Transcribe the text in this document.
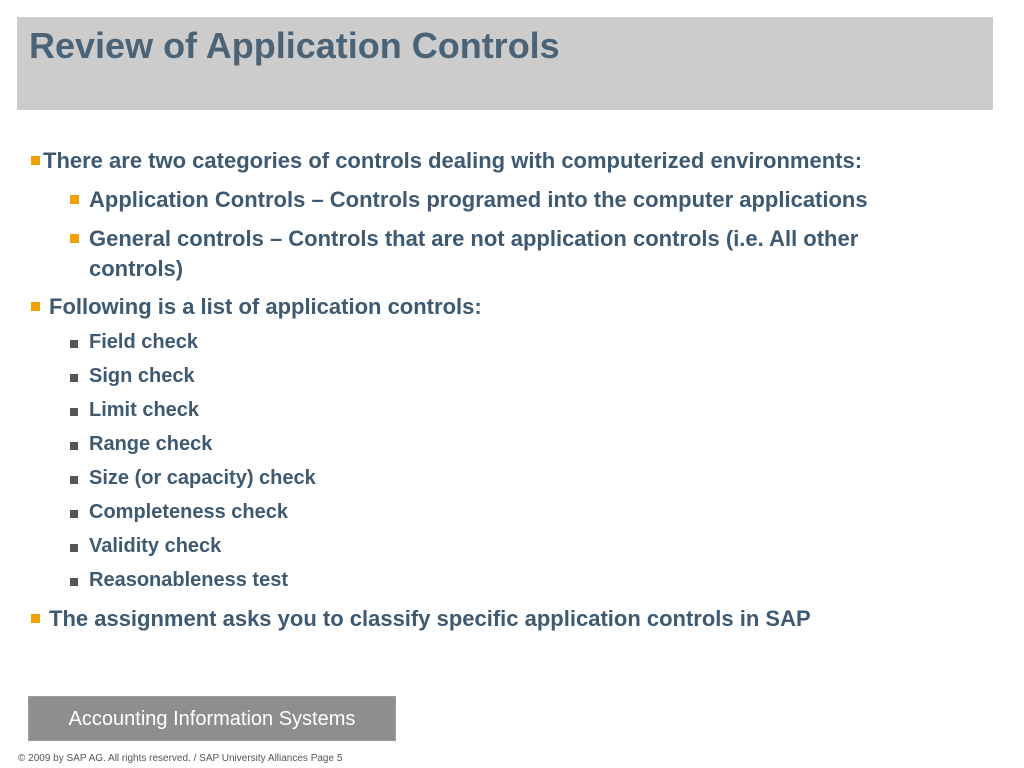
Review of Application Controls
There are two categories of controls dealing with computerized environments:
Application Controls – Controls programed into the computer applications
General controls – Controls that are not application controls (i.e. All other
controls)
Following is a list of application controls:
Field check
Sign check
Limit check
Range check
Size (or capacity) check
Completeness check
Validity check
Reasonableness test
The assignment asks you to classify specific application controls in SAP
Accounting Information Systems
© 2009 by SAP AG. All rights reserved. / SAP University Alliances Page 5
